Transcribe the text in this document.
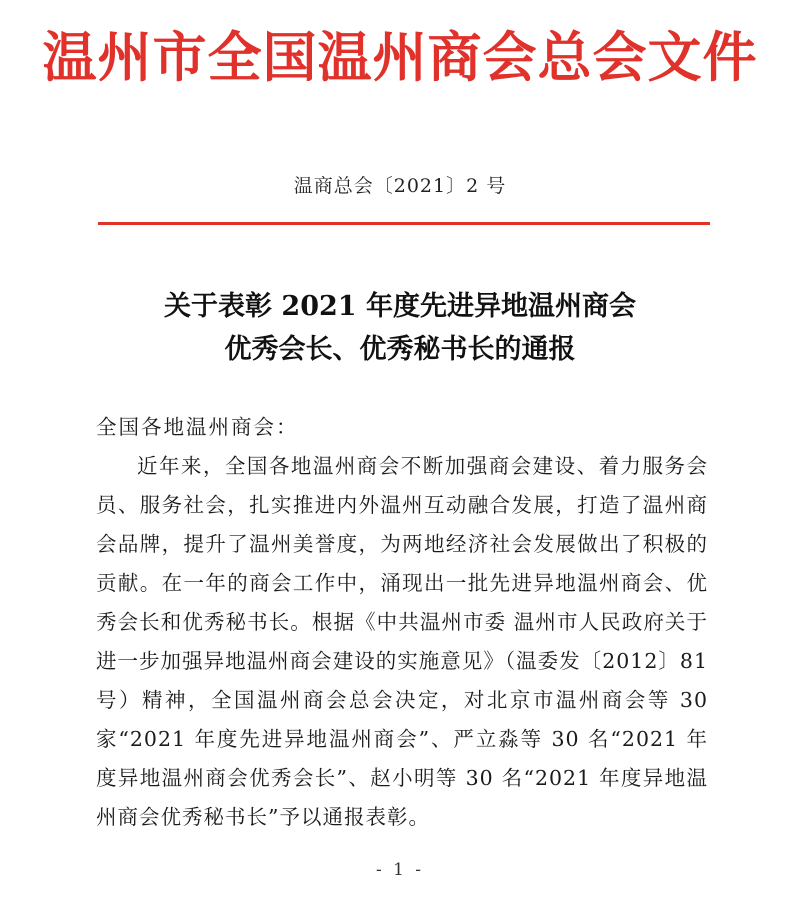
温州市全国温州商会总会文件
温商总会〔2021〕2 号
关于表彰 2021 年度先进异地温州商会
优秀会长、优秀秘书长的通报

全国各地温州商会：

近年来，全国各地温州商会不断加强商会建设、着力服务会员、服务社会，扎实推进内外温州互动融合发展，打造了温州商会品牌，提升了温州美誉度，为两地经济社会发展做出了积极的贡献。在一年的商会工作中，涌现出一批先进异地温州商会、优秀会长和优秀秘书长。根据《中共温州市委 温州市人民政府关于进一步加强异地温州商会建设的实施意见》（温委发〔2012〕81 号）精神，全国温州商会总会决定，对北京市温州商会等 30 家“2021 年度先进异地温州商会”、严立淼等 30 名“2021 年度异地温州商会优秀会长”、赵小明等 30 名“2021 年度异地温州商会优秀秘书长”予以通报表彰。

- 1 -
